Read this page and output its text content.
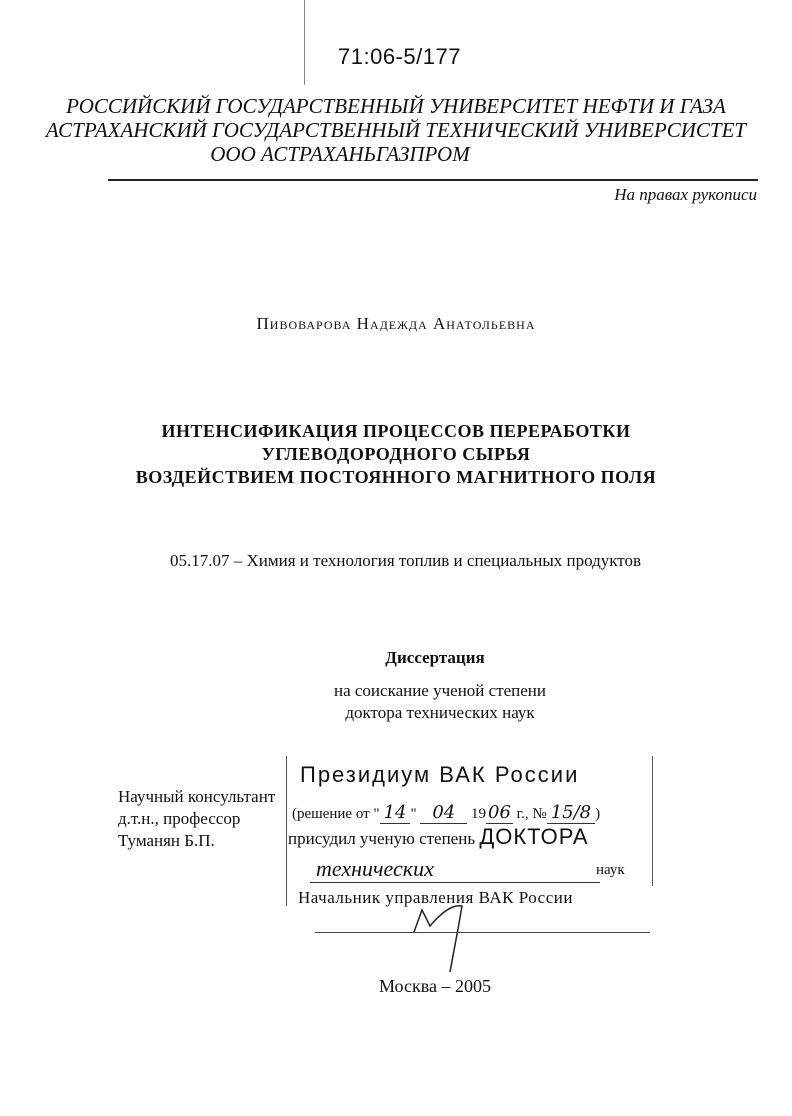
71:06-5/177
РОССИЙСКИЙ ГОСУДАРСТВЕННЫЙ УНИВЕРСИТЕТ НЕФТИ И ГАЗА
АСТРАХАНСКИЙ ГОСУДАРСТВЕННЫЙ ТЕХНИЧЕСКИЙ УНИВЕРСИСТЕТ
ООО АСТРАХАНЬГАЗПРОМ
На правах рукописи
Пивоварова Надежда Анатольевна
ИНТЕНСИФИКАЦИЯ ПРОЦЕССОВ ПЕРЕРАБОТКИ
УГЛЕВОДОРОДНОГО СЫРЬЯ
ВОЗДЕЙСТВИЕМ ПОСТОЯННОГО МАГНИТНОГО ПОЛЯ
05.17.07 – Химия и технология топлив и специальных продуктов
Диссертация
на соискание ученой степени
доктора технических наук
Научный консультант
д.т.н., профессор
Туманян Б.П.
Президиум ВАК России
(решение от " 14 " 04 19 06 г., № 15/8 )
присудил ученую степень ДОКТОРА
технических	наук
Начальник управления ВАК России
Москва – 2005
